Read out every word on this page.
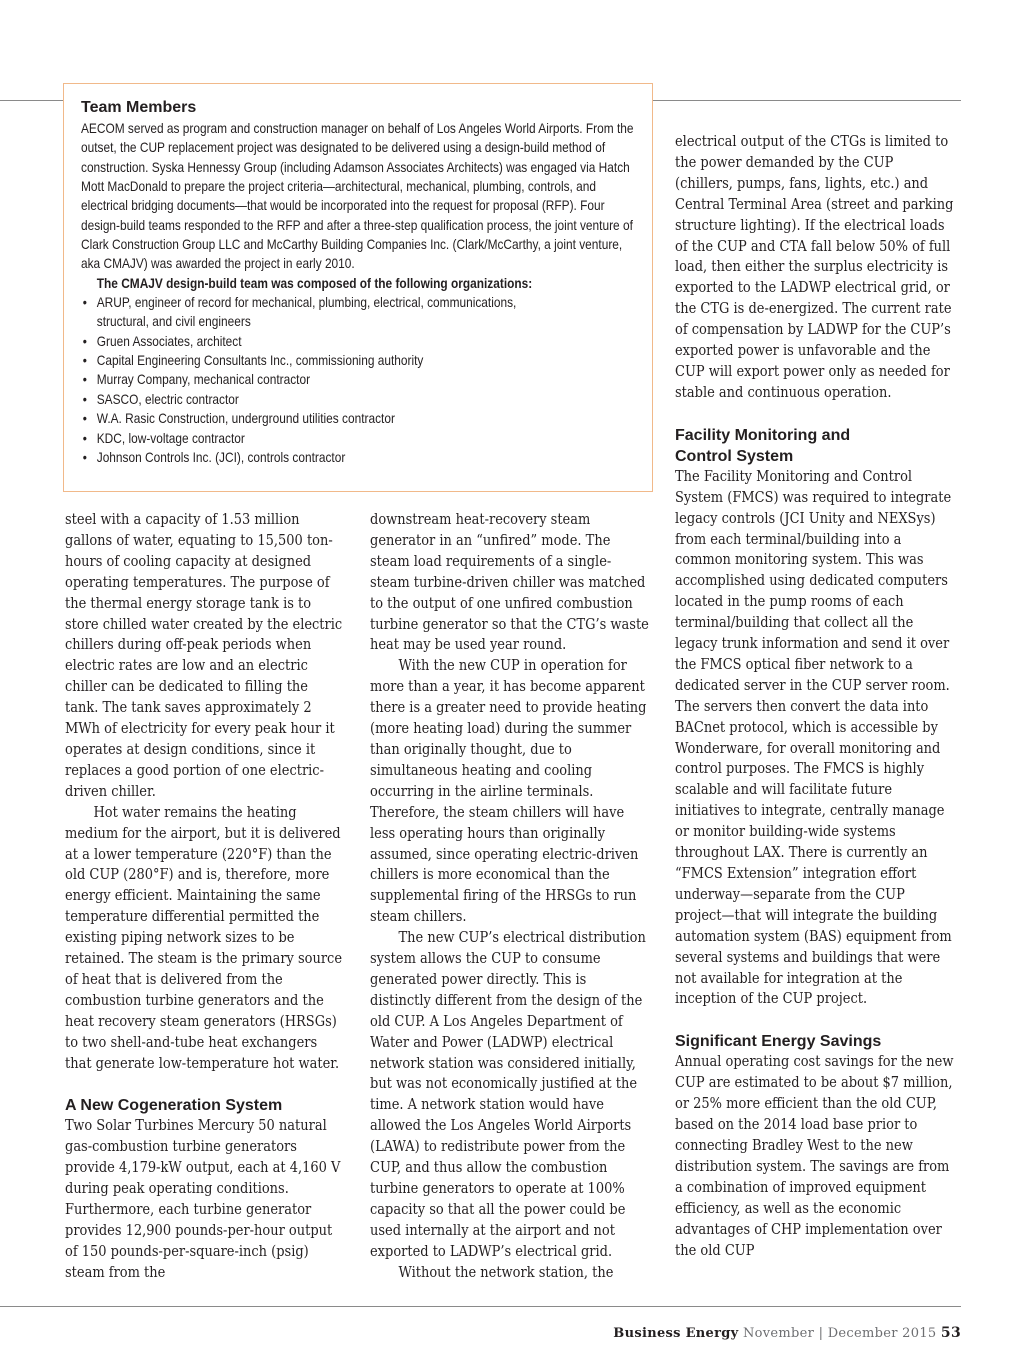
Team Members

AECOM served as program and construction manager on behalf of Los Angeles World Airports. From the outset, the CUP replacement project was designated to be delivered using a design-build method of construction. Syska Hennessy Group (including Adamson Associates Architects) was engaged via Hatch Mott MacDonald to prepare the project criteria—architectural, mechanical, plumbing, controls, and electrical bridging documents—that would be incorporated into the request for proposal (RFP). Four design-build teams responded to the RFP and after a three-step qualification process, the joint venture of Clark Construction Group LLC and McCarthy Building Companies Inc. (Clark/McCarthy, a joint venture, aka CMAJV) was awarded the project in early 2010.

The CMAJV design-build team was composed of the following organizations:
• ARUP, engineer of record for mechanical, plumbing, electrical, communications, structural, and civil engineers
• Gruen Associates, architect
• Capital Engineering Consultants Inc., commissioning authority
• Murray Company, mechanical contractor
• SASCO, electric contractor
• W.A. Rasic Construction, underground utilities contractor
• KDC, low-voltage contractor
• Johnson Controls Inc. (JCI), controls contractor

steel with a capacity of 1.53 million gallons of water, equating to 15,500 ton-hours of cooling capacity at designed operating temperatures. The purpose of the thermal energy storage tank is to store chilled water created by the electric chillers during off-peak periods when electric rates are low and an electric chiller can be dedicated to filling the tank. The tank saves approximately 2 MWh of electricity for every peak hour it operates at design conditions, since it replaces a good portion of one electric- driven chiller.

Hot water remains the heating medium for the airport, but it is delivered at a lower temperature (220°F) than the old CUP (280°F) and is, therefore, more energy efficient. Maintaining the same temperature differential permitted the existing piping network sizes to be retained. The steam is the primary source of heat that is delivered from the combustion turbine generators and the heat recovery steam generators (HRSGs) to two shell-and-tube heat exchangers that generate low-temperature hot water.

A New Cogeneration System

Two Solar Turbines Mercury 50 natural gas-combustion turbine generators provide 4,179-kW output, each at 4,160 V during peak operating conditions. Furthermore, each turbine generator provides 12,900 pounds-per-hour output of 150 pounds-per-square-inch (psig) steam from the

downstream heat-recovery steam generator in an “unfired” mode. The steam load requirements of a single-steam turbine-driven chiller was matched to the output of one unfired combustion turbine generator so that the CTG’s waste heat may be used year round.

With the new CUP in operation for more than a year, it has become apparent there is a greater need to provide heating (more heating load) during the summer than originally thought, due to simultaneous heating and cooling occurring in the airline terminals. Therefore, the steam chillers will have less operating hours than originally assumed, since operating electric-driven chillers is more economical than the supplemental firing of the HRSGs to run steam chillers.

The new CUP’s electrical distribution system allows the CUP to consume generated power directly. This is distinctly different from the design of the old CUP. A Los Angeles Department of Water and Power (LADWP) electrical network station was considered initially, but was not economically justified at the time. A network station would have allowed the Los Angeles World Airports (LAWA) to redistribute power from the CUP, and thus allow the combustion turbine generators to operate at 100% capacity so that all the power could be used internally at the airport and not exported to LADWP’s electrical grid.

Without the network station, the

electrical output of the CTGs is limited to the power demanded by the CUP (chillers, pumps, fans, lights, etc.) and Central Terminal Area (street and parking structure lighting). If the electrical loads of the CUP and CTA fall below 50% of full load, then either the surplus electricity is exported to the LADWP electrical grid, or the CTG is de-energized. The current rate of compensation by LADWP for the CUP’s exported power is unfavorable and the CUP will export power only as needed for stable and continuous operation.

Facility Monitoring and Control System

The Facility Monitoring and Control System (FMCS) was required to integrate legacy controls (JCI Unity and NEXSys) from each terminal/building into a common monitoring system. This was accomplished using dedicated computers located in the pump rooms of each terminal/building that collect all the legacy trunk information and send it over the FMCS optical fiber network to a dedicated server in the CUP server room. The servers then convert the data into BACnet protocol, which is accessible by Wonderware, for overall monitoring and control purposes. The FMCS is highly scalable and will facilitate future initiatives to integrate, centrally manage or monitor building-wide systems throughout LAX. There is currently an “FMCS Extension” integration effort underway—separate from the CUP project—that will integrate the building automation system (BAS) equipment from several systems and buildings that were not available for integration at the inception of the CUP project.

Significant Energy Savings

Annual operating cost savings for the new CUP are estimated to be about $7 million, or 25% more efficient than the old CUP, based on the 2014 load base prior to connecting Bradley West to the new distribution system. The savings are from a combination of improved equipment efficiency, as well as the economic advantages of CHP implementation over the old CUP

Business Energy November | December 2015 53
